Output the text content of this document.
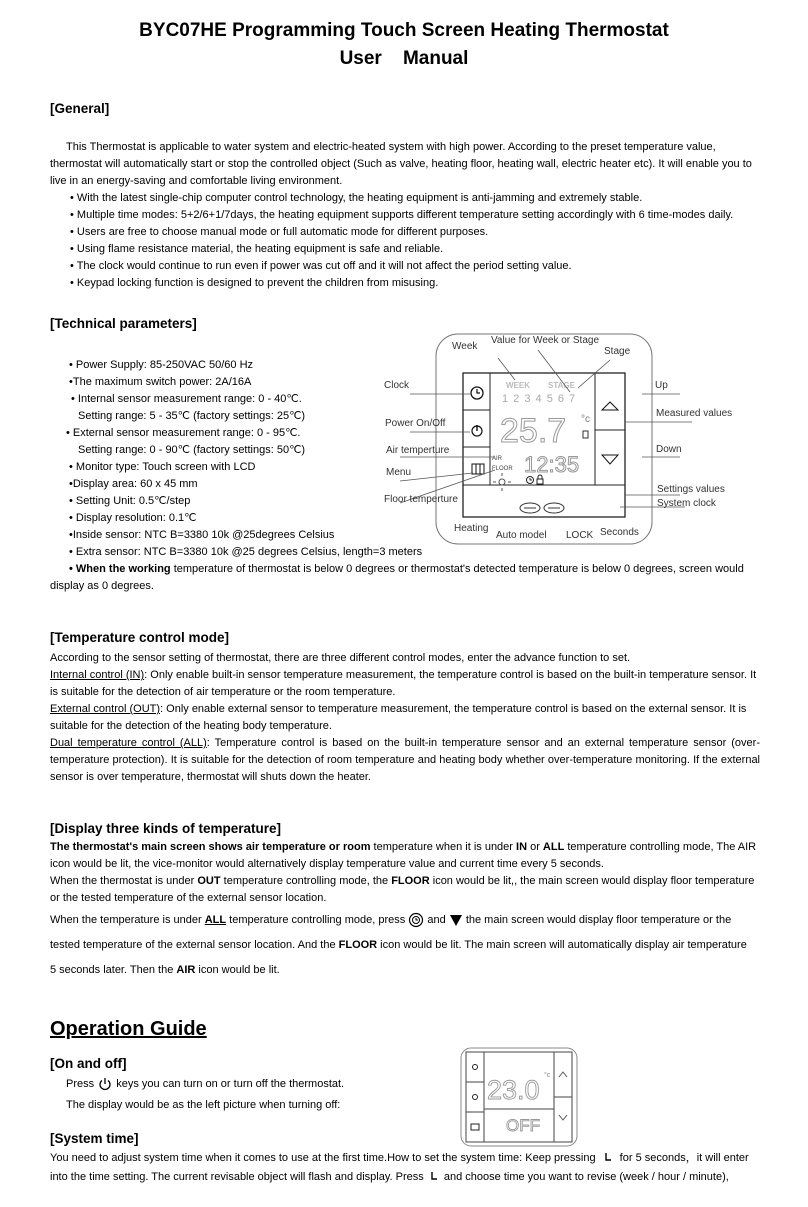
BYC07HE Programming Touch Screen Heating Thermostat
User    Manual
[General]
This Thermostat is applicable to water system and electric-heated system with high power. According to the preset temperature value, thermostat will automatically start or stop the controlled object (Such as valve, heating floor, heating wall, electric heater etc). It will enable you to live in an energy-saving and comfortable living environment.
• With the latest single-chip computer control technology, the heating equipment is anti-jamming and extremely stable.
• Multiple time modes: 5+2/6+1/7days, the heating equipment supports different temperature setting accordingly with 6 time-modes daily.
• Users are free to choose manual mode or full automatic mode for different purposes.
• Using flame resistance material, the heating equipment is safe and reliable.
• The clock would continue to run even if power was cut off and it will not affect the period setting value.
• Keypad locking function is designed to prevent the children from misusing.
[Technical parameters]
• Power Supply: 85-250VAC 50/60 Hz
•The maximum switch power: 2A/16A
• Internal sensor measurement range: 0 - 40℃.
Setting range: 5 - 35℃ (factory settings: 25℃)
• External sensor measurement range: 0 - 95℃.
Setting range: 0 - 90℃ (factory settings: 50℃)
• Monitor type: Touch screen with LCD
•Display area: 60 x 45 mm
• Setting Unit: 0.5℃/step
• Display resolution: 0.1℃
•Inside sensor: NTC B=3380 10k @25degrees Celsius
• Extra sensor: NTC B=3380 10k @25 degrees Celsius, length=3 meters
• When the working temperature of thermostat is below 0 degrees or thermostat's detected temperature is below 0 degrees, screen would display as 0 degrees.
WEEK STAGE
1 2 3 4 5 6 7
25.7 °c
12:35
AIR
FLOOR
Week
Value for Week or Stage
Stage
Clock	Up
Measured values
Power On/Off
Air temperture	Down
Menu
Settings values
System clock
Floor temperture
Heating
Auto model LOCK Seconds
[Temperature control mode]
According to the sensor setting of thermostat, there are three different control modes, enter the advance function to set.
Internal control (IN): Only enable built-in sensor temperature measurement, the temperature control is based on the built-in temperature sensor. It is suitable for the detection of air temperature or the room temperature.
External control (OUT): Only enable external sensor to temperature measurement, the temperature control is based on the external sensor. It is suitable for the detection of the heating body temperature.
Dual temperature control (ALL): Temperature control is based on the built-in temperature sensor and an external temperature sensor (over-temperature protection). It is suitable for the detection of room temperature and heating body whether over-temperature monitoring. If the external sensor is over temperature, thermostat will shuts down the heater.
[Display three kinds of temperature]
The thermostat's main screen shows air temperature or room temperature when it is under IN or ALL temperature controlling mode, The AIR icon would be lit, the vice-monitor would alternatively display temperature value and current time every 5 seconds.
When the thermostat is under OUT temperature controlling mode, the FLOOR icon would be lit,, the main screen would display floor temperature or the tested temperature of the external sensor location.
When the temperature is under ALL temperature controlling mode, press  and  the main screen would display floor temperature or the
tested temperature of the external sensor location. And the FLOOR icon would be lit. The main screen will automatically display air temperature
5 seconds later. Then the AIR icon would be lit.
Operation Guide
[On and off]
Press  keys you can turn on or turn off the thermostat.
The display would be as the left picture when turning off:	23.0 °c
OFF
[System time]
You need to adjust system time when it comes to use at the first time.How to set the system time: Keep pressing  for 5 seconds，it will enter
into the time setting. The current revisable object will flash and display. Press  and choose time you want to revise (week / hour / minute),
